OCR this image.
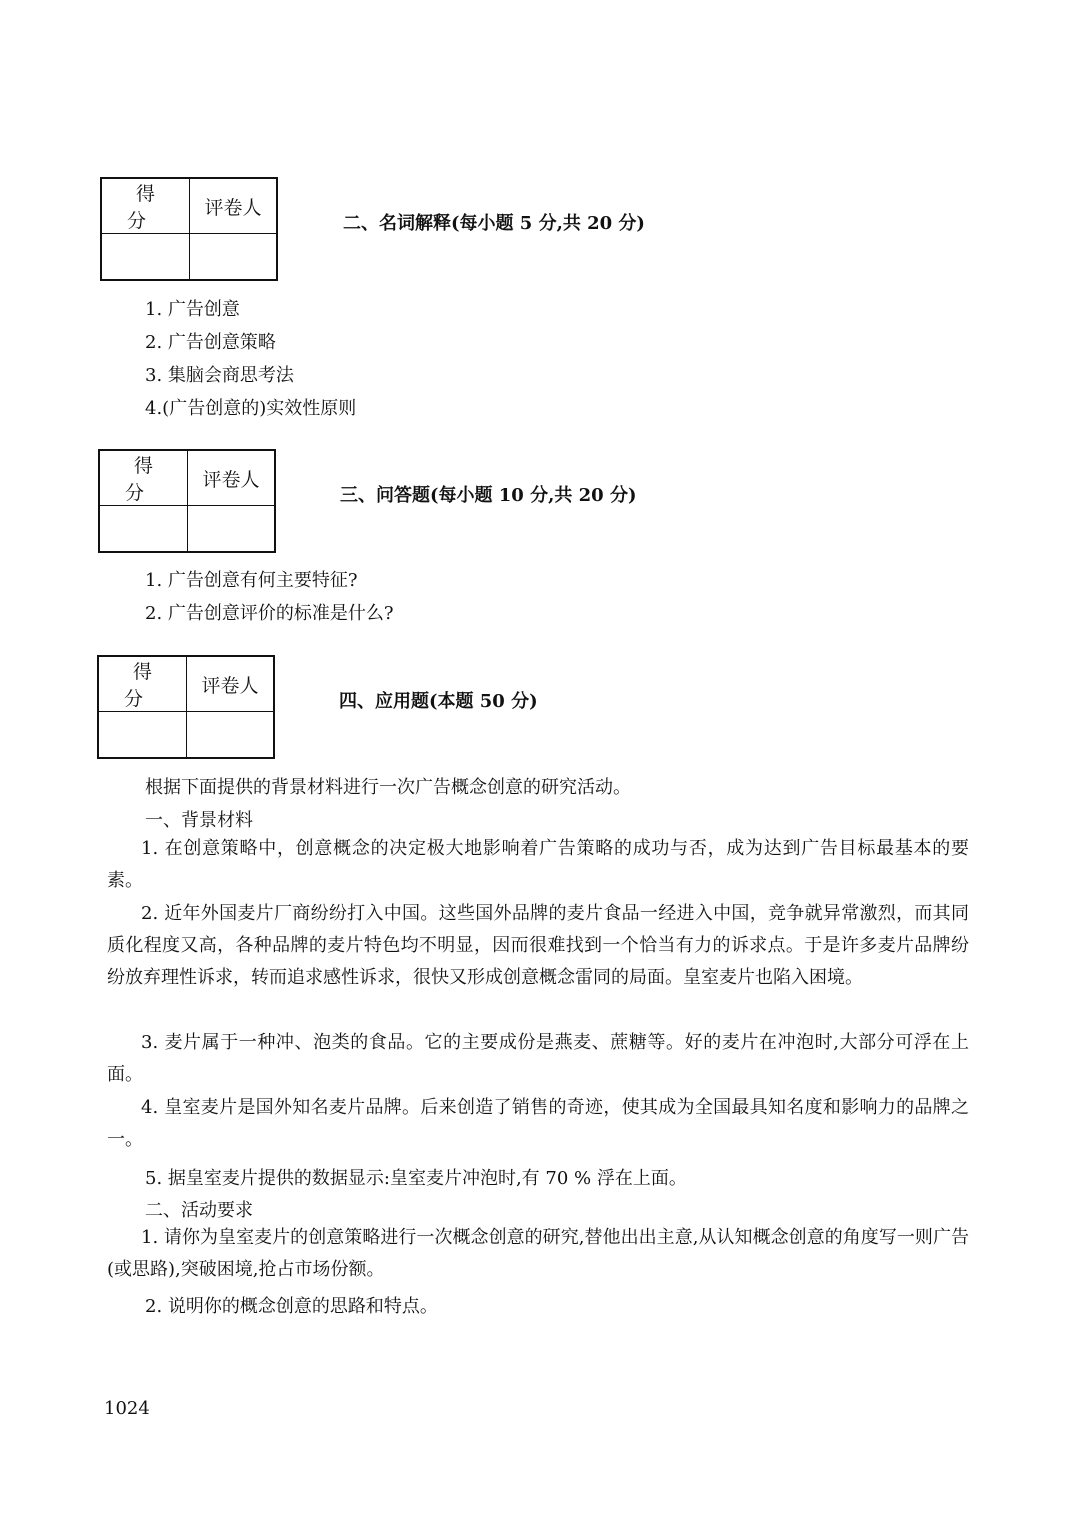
得分	评卷人

二、名词解释(每小题 5 分,共 20 分)
1. 广告创意
2. 广告创意策略
3. 集脑会商思考法
4.(广告创意的)实效性原则
得分	评卷人

三、问答题(每小题 10 分,共 20 分)
1. 广告创意有何主要特征?
2. 广告创意评价的标准是什么?
得分	评卷人

四、应用题(本题 50 分)
根据下面提供的背景材料进行一次广告概念创意的研究活动。
一、背景材料
1. 在创意策略中，创意概念的决定极大地影响着广告策略的成功与否，成为达到广告目标最基本的要素。
2. 近年外国麦片厂商纷纷打入中国。这些国外品牌的麦片食品一经进入中国，竞争就异常激烈，而其同质化程度又高，各种品牌的麦片特色均不明显，因而很难找到一个恰当有力的诉求点。于是许多麦片品牌纷纷放弃理性诉求，转而追求感性诉求，很快又形成创意概念雷同的局面。皇室麦片也陷入困境。
3. 麦片属于一种冲、泡类的食品。它的主要成份是燕麦、蔗糖等。好的麦片在冲泡时,大部分可浮在上面。
4. 皇室麦片是国外知名麦片品牌。后来创造了销售的奇迹，使其成为全国最具知名度和影响力的品牌之一。
5. 据皇室麦片提供的数据显示:皇室麦片冲泡时,有 70 % 浮在上面。
二、活动要求
1. 请你为皇室麦片的创意策略进行一次概念创意的研究,替他出出主意,从认知概念创意的角度写一则广告(或思路),突破困境,抢占市场份额。
2. 说明你的概念创意的思路和特点。
1024
